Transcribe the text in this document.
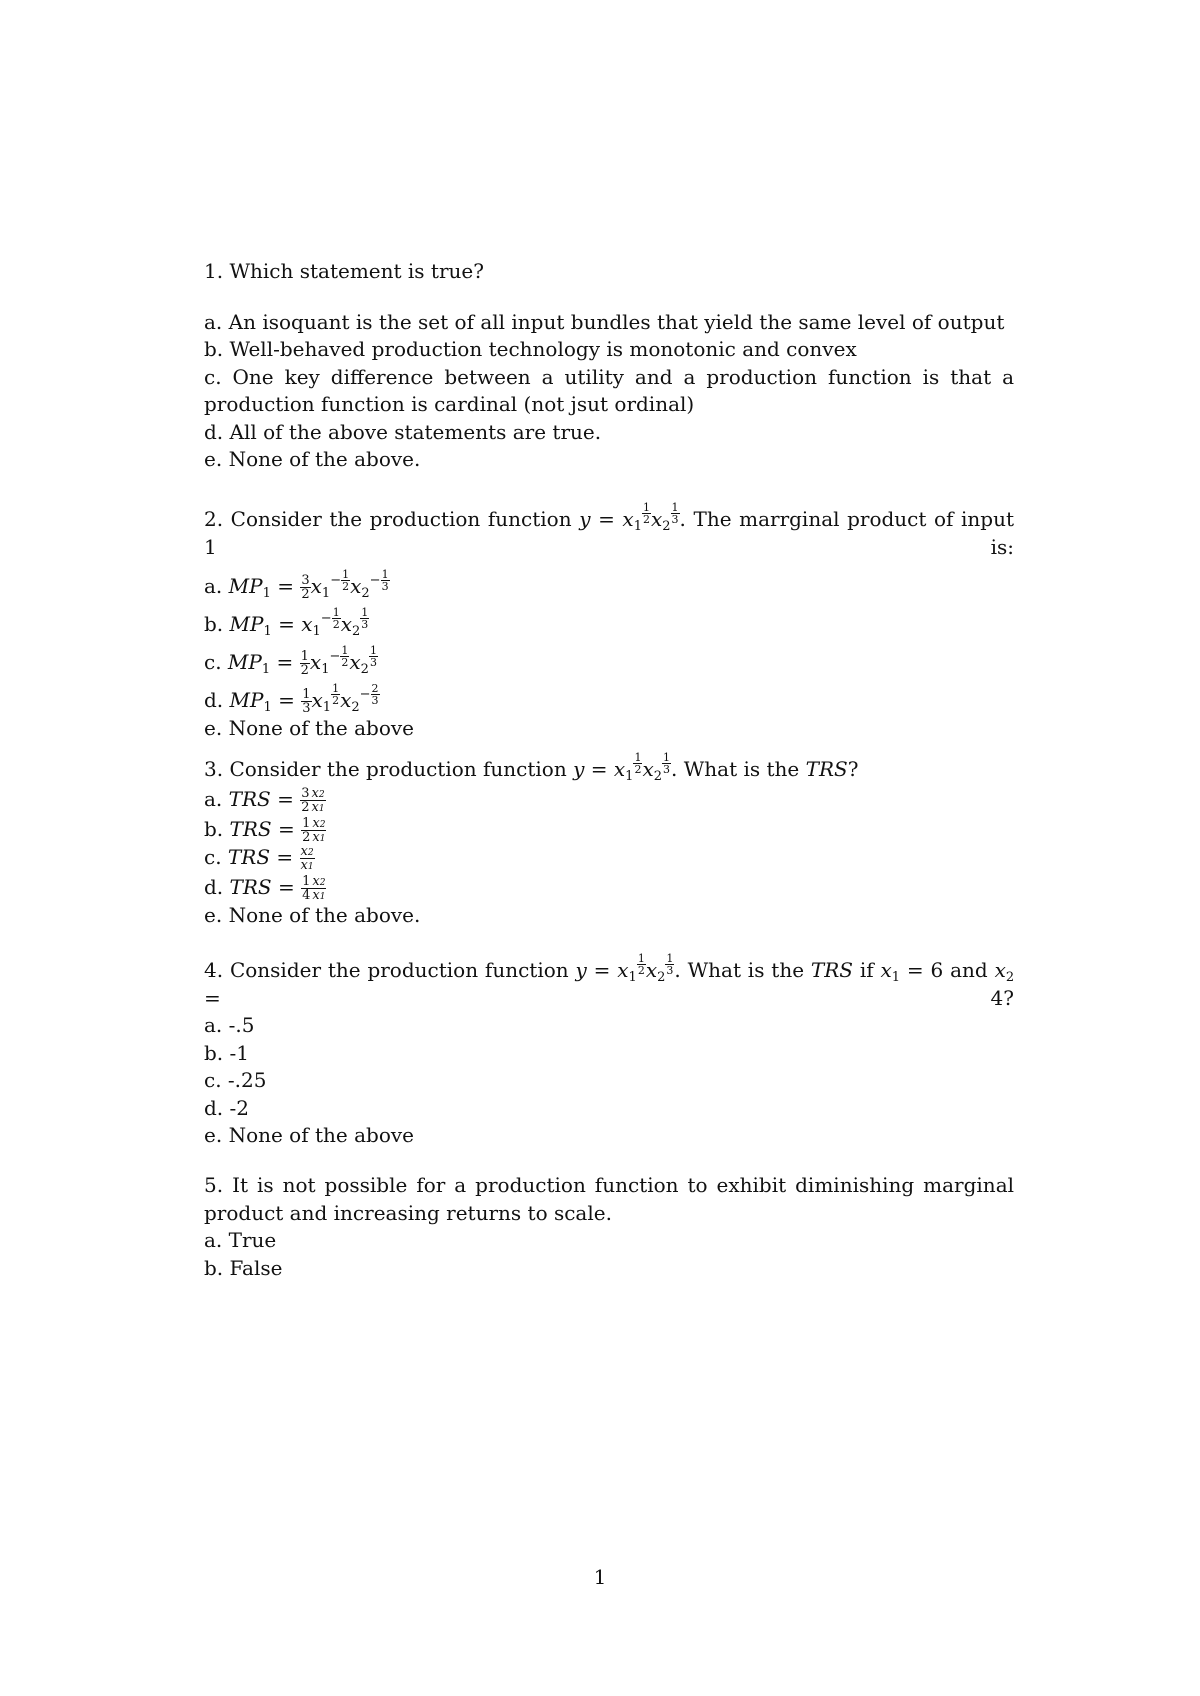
1. Which statement is true?
a. An isoquant is the set of all input bundles that yield the same level of output
b. Well-behaved production technology is monotonic and convex
c. One key difference between a utility and a production function is that a production function is cardinal (not jsut ordinal)
d. All of the above statements are true.
e. None of the above.
2. Consider the production function $y = x_1$
$^{\frac{1}{2}}$ $x_2$
$^{\frac{1}{3}}$ . The marrginal product of input 1 is:
a. $MP_1 = \frac{3}{2} x_1^{- \frac{1}{2}}$ $x_2^{- \frac{1}{3}}$
b. $MP_1 = x_1^{- \frac{1}{2}}$ $x_2$
$^{\frac{1}{3}}$
c. $MP_1 = \frac{1}{2} x_1^{- \frac{1}{2}}$ $x_2$
$^{\frac{1}{3}}$
d. $MP_1 = \frac{1}{3} x_1$
$^{\frac{1}{2}}$ $x_2^{- \frac{2}{3}}$
e. None of the above
3. Consider the production function $y = x_1$
$^{\frac{1}{2}}$ $x_2$
$^{\frac{1}{3}}$ . What is the TRS?
a. TRS = $\frac{3}{2} \frac{x2}{x1}$
b. TRS = $\frac{1}{2} \frac{x2}{x1}$
c. TRS = $\frac{x2}{x1}$
d. TRS = $\frac{1}{4} \frac{x2}{x1}$
e. None of the above.
4. Consider the production function $y = x_1$
$^{\frac{1}{2}}$ $x_2$
$^{\frac{1}{3}}$ . What is the TRS if $x_1 = 6$ and $x_2$ =	4?
a. -.5
b. -1
c. -.25
d. -2
e. None of the above
5. It is not possible for a production function to exhibit diminishing marginal product and increasing returns to scale.
a. True
b. False
1
